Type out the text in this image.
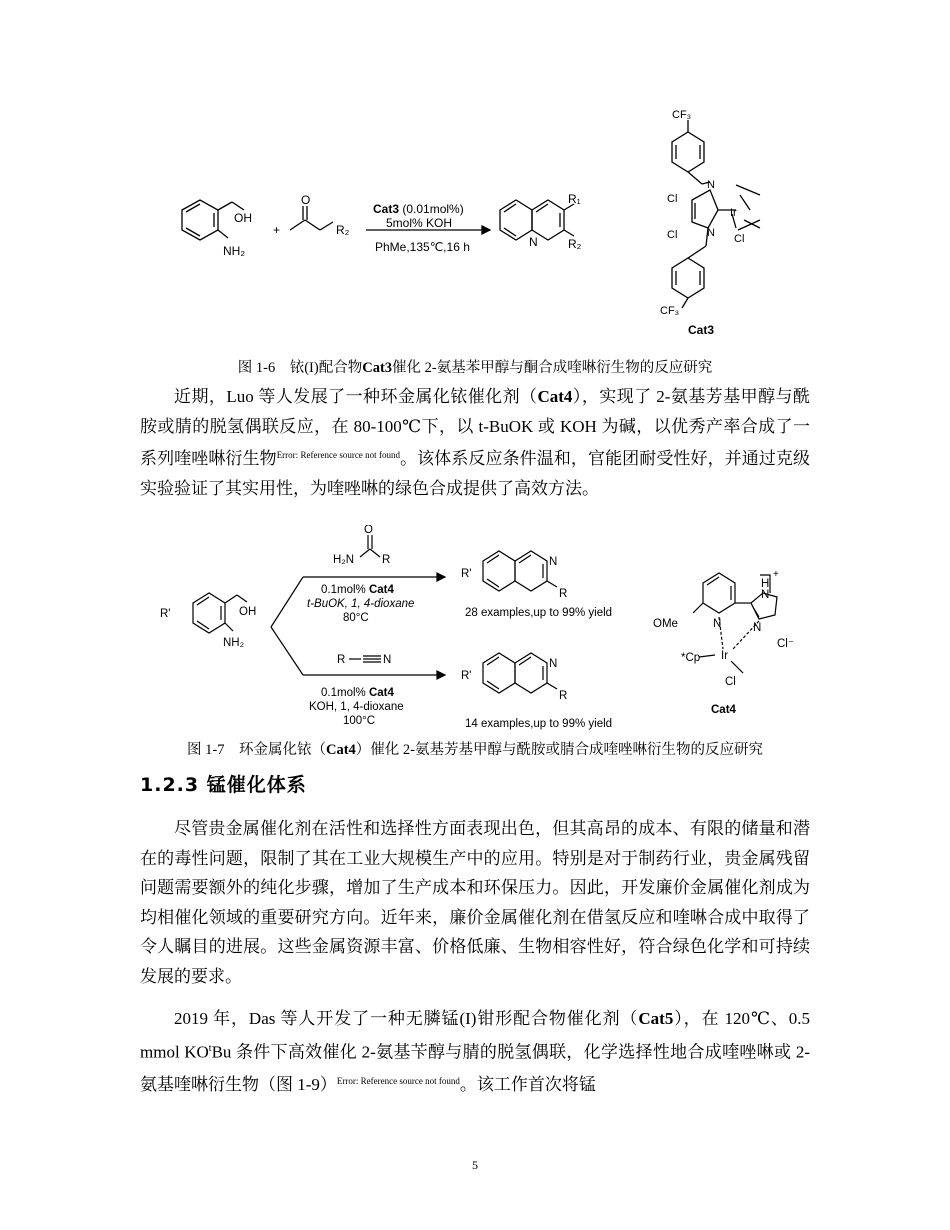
OH
NH₂
+
O
R₂
Cat3 (0.01mol%)
5mol% KOH
PhMe,135℃,16 h
R₁
N	R₂
CF₃
Cl
Cl
N
N
Ir
Cl
CF₃
Cat3
图 1-6　铱(I)配合物Cat3催化 2-氨基苯甲醇与酮合成喹啉衍生物的反应研究

近期，Luo 等人发展了一种环金属化铱催化剂（Cat4），实现了 2-氨基芳基甲醇与酰胺或腈的脱氢偶联反应，在 80-100℃下，以 t-BuOK 或 KOH 为碱，以优秀产率合成了一系列喹唑啉衍生物$^{Error: Reference source not found}$。该体系反应条件温和，官能团耐受性好，并通过克级实验验证了其实用性，为喹唑啉的绿色合成提供了高效方法。

O
H₂N R
0.1mol% Cat4
t-BuOK, 1, 4-dioxane
80°C	28 examples,up to 99% yield
R'	OH
NH₂
R	N
0.1mol% Cat4
KOH, 1, 4-dioxane
100°C	14 examples,up to 99% yield
R'
N
R
R'
N
R
+
OMe	N	N
H
N
*Cp Ir
Cl
Cl⁻
Cat4
图 1-7　环金属化铱（Cat4）催化 2-氨基芳基甲醇与酰胺或腈合成喹唑啉衍生物的反应研究
1.2.3 锰催化体系

尽管贵金属催化剂在活性和选择性方面表现出色，但其高昂的成本、有限的储量和潜在的毒性问题，限制了其在工业大规模生产中的应用。特别是对于制药行业，贵金属残留问题需要额外的纯化步骤，增加了生产成本和环保压力。因此，开发廉价金属催化剂成为均相催化领域的重要研究方向。近年来，廉价金属催化剂在借氢反应和喹啉合成中取得了令人瞩目的进展。这些金属资源丰富、价格低廉、生物相容性好，符合绿色化学和可持续发展的要求。

2019 年，Das 等人开发了一种无膦锰(I)钳形配合物催化剂（Cat5），在 120℃、0.5 mmol $KO^tBu$ 条件下高效催化 2-氨基苄醇与腈的脱氢偶联，化学选择性地合成喹唑啉或 2-氨基喹啉衍生物（图 1-9）$^{Error: Reference source not found}$。该工作首次将锰

5
